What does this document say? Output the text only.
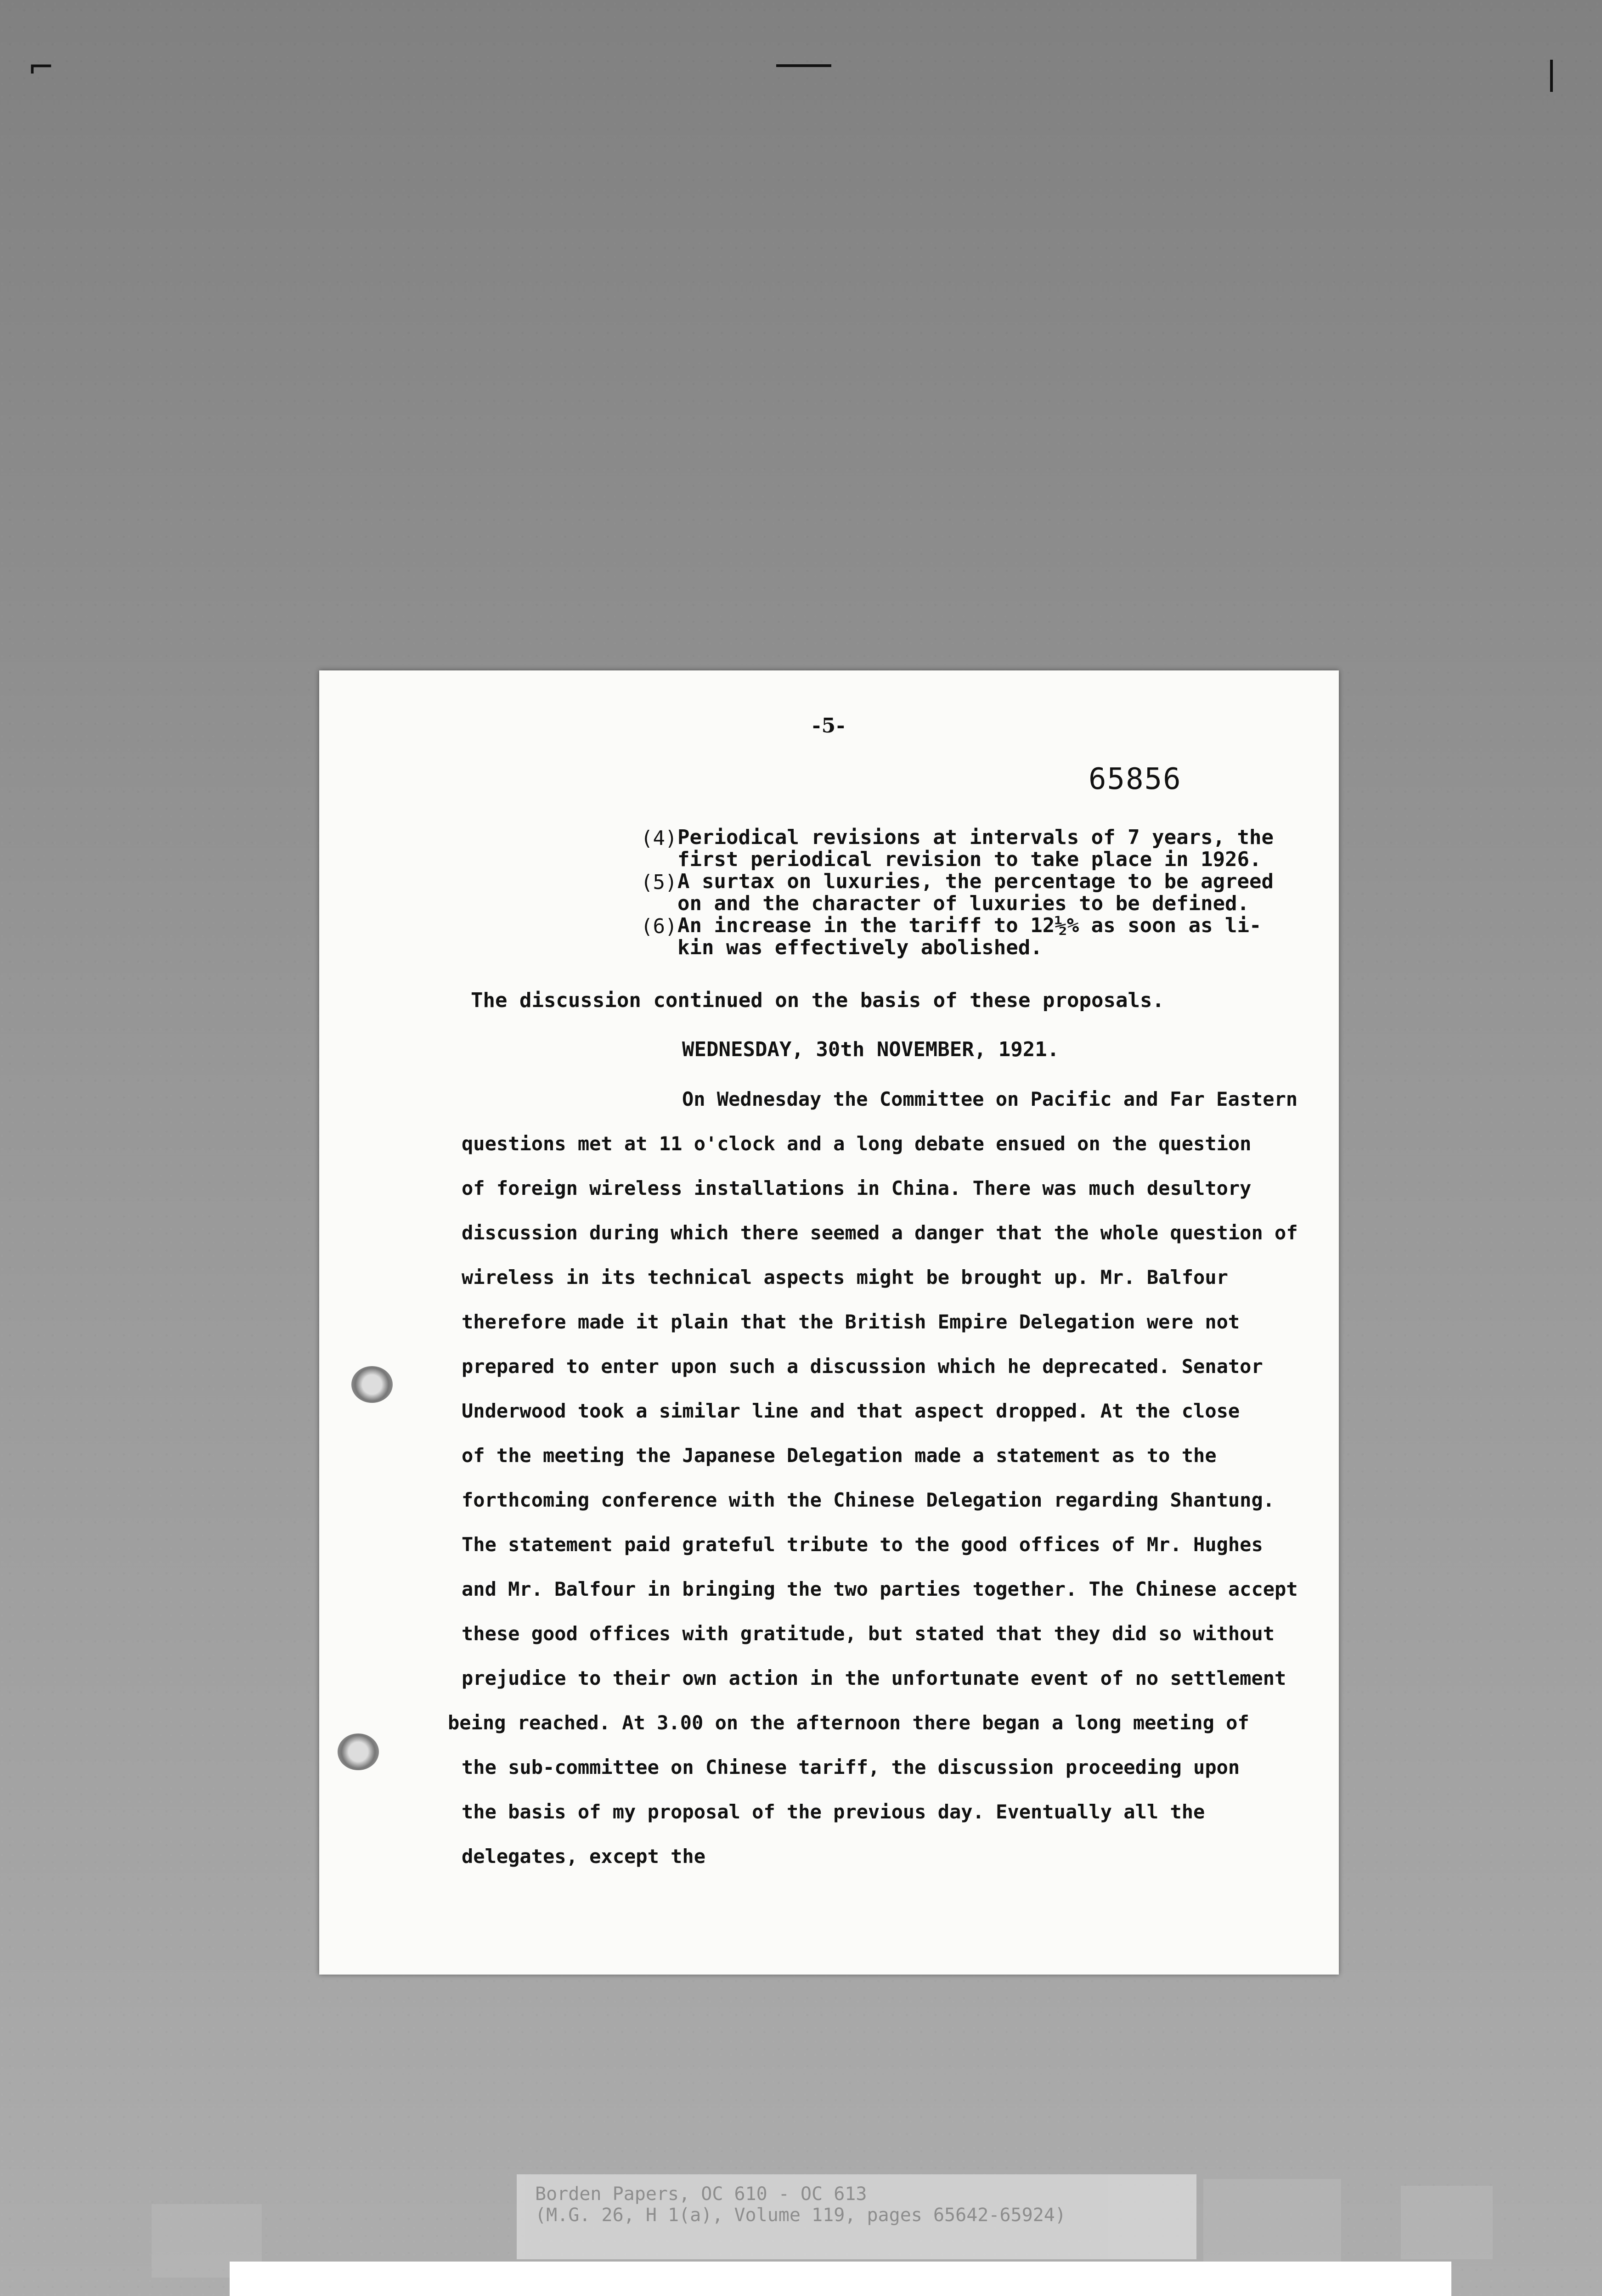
⌐
-5-
65856
(4) Periodical revisions at intervals of 7 years, the first periodical revision to take place in 1926.
(5) A surtax on luxuries, the percentage to be agreed on and the character of luxuries to be defined.
(6) An increase in the tariff to 12½% as soon as li-kin was effectively abolished.
The discussion continued on the basis of these proposals.
WEDNESDAY, 30th NOVEMBER, 1921.
On Wednesday the Committee on Pacific and Far Eastern
questions met at 11 o'clock and a long debate ensued on the question
of foreign wireless installations in China. There was much desultory
discussion during which there seemed a danger that the whole question of
wireless in its technical aspects might be brought up. Mr. Balfour
therefore made it plain that the British Empire Delegation were not
prepared to enter upon such a discussion which he deprecated. Senator
Underwood took a similar line and that aspect dropped. At the close
of the meeting the Japanese Delegation made a statement as to the
forthcoming conference with the Chinese Delegation regarding Shantung.
The statement paid grateful tribute to the good offices of Mr. Hughes
and Mr. Balfour in bringing the two parties together. The Chinese accept
these good offices with gratitude, but stated that they did so without
prejudice to their own action in the unfortunate event of no settlement
being reached. At 3.00 on the afternoon there began a long meeting of
the sub-committee on Chinese tariff, the discussion proceeding upon
the basis of my proposal of the previous day. Eventually all the
delegates, except the
Borden Papers, OC 610 - OC 613
(M.G. 26, H 1(a), Volume 119, pages 65642-65924)
